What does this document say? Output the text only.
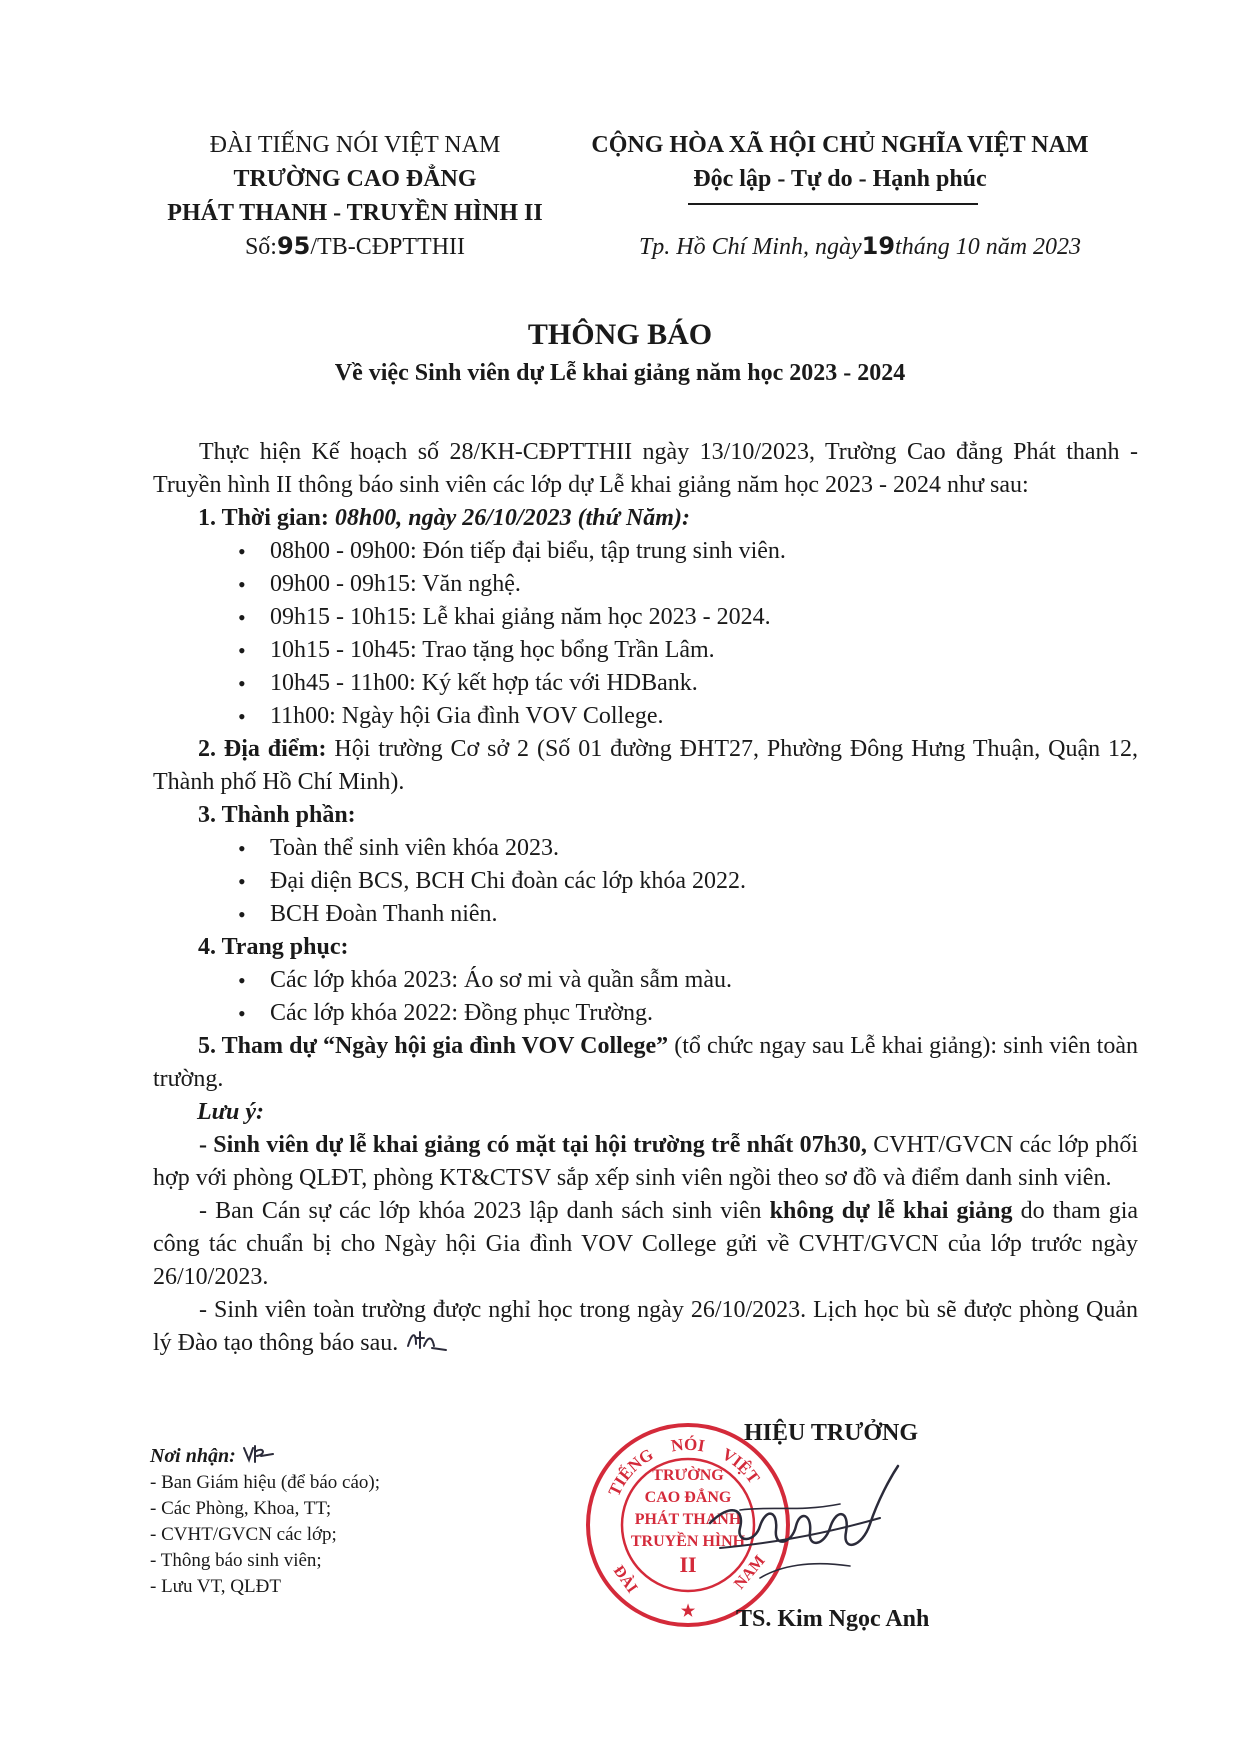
ĐÀI TIẾNG NÓI VIỆT NAM
TRƯỜNG CAO ĐẲNG
PHÁT THANH - TRUYỀN HÌNH II
CỘNG HÒA XÃ HỘI CHỦ NGHĨA VIỆT NAM
Độc lập - Tự do - Hạnh phúc
Số:95/TB-CĐPTTHII	Tp. Hồ Chí Minh, ngày19tháng 10 năm 2023
THÔNG BÁO
Về việc Sinh viên dự Lễ khai giảng năm học 2023 - 2024

Thực hiện Kế hoạch số 28/KH-CĐPTTHII ngày 13/10/2023, Trường Cao đẳng Phát thanh - Truyền hình II thông báo sinh viên các lớp dự Lễ khai giảng năm học 2023 - 2024 như sau:

1. Thời gian: 08h00, ngày 26/10/2023 (thứ Năm):
• 08h00 - 09h00: Đón tiếp đại biểu, tập trung sinh viên.
• 09h00 - 09h15: Văn nghệ.
• 09h15 - 10h15: Lễ khai giảng năm học 2023 - 2024.
• 10h15 - 10h45: Trao tặng học bổng Trần Lâm.
• 10h45 - 11h00: Ký kết hợp tác với HDBank.
• 11h00: Ngày hội Gia đình VOV College.

2. Địa điểm: Hội trường Cơ sở 2 (Số 01 đường ĐHT27, Phường Đông Hưng Thuận, Quận 12, Thành phố Hồ Chí Minh).

3. Thành phần:
• Toàn thể sinh viên khóa 2023.
• Đại diện BCS, BCH Chi đoàn các lớp khóa 2022.
• BCH Đoàn Thanh niên.
4. Trang phục:
• Các lớp khóa 2023: Áo sơ mi và quần sẫm màu.
• Các lớp khóa 2022: Đồng phục Trường.

5. Tham dự “Ngày hội gia đình VOV College” (tổ chức ngay sau Lễ khai giảng): sinh viên toàn trường.

Lưu ý:

- Sinh viên dự lễ khai giảng có mặt tại hội trường trễ nhất 07h30, CVHT/GVCN các lớp phối hợp với phòng QLĐT, phòng KT&CTSV sắp xếp sinh viên ngồi theo sơ đồ và điểm danh sinh viên.

- Ban Cán sự các lớp khóa 2023 lập danh sách sinh viên không dự lễ khai giảng do tham gia công tác chuẩn bị cho Ngày hội Gia đình VOV College gửi về CVHT/GVCN của lớp trước ngày 26/10/2023.

- Sinh viên toàn trường được nghỉ học trong ngày 26/10/2023. Lịch học bù sẽ được phòng Quản lý Đào tạo thông báo sau.

Nơi nhận:
- Ban Giám hiệu (để báo cáo);
- Các Phòng, Khoa, TT;
- CVHT/GVCN các lớp;
- Thông báo sinh viên;
- Lưu VT, QLĐT
TIẾNG NÓI VIỆT
NAM
ĐÀI
TRƯỜNG
CAO ĐẲNG
PHÁT THANH
TRUYỀN HÌNH
II
★
HIỆU TRƯỞNG
TS. Kim Ngọc Anh
